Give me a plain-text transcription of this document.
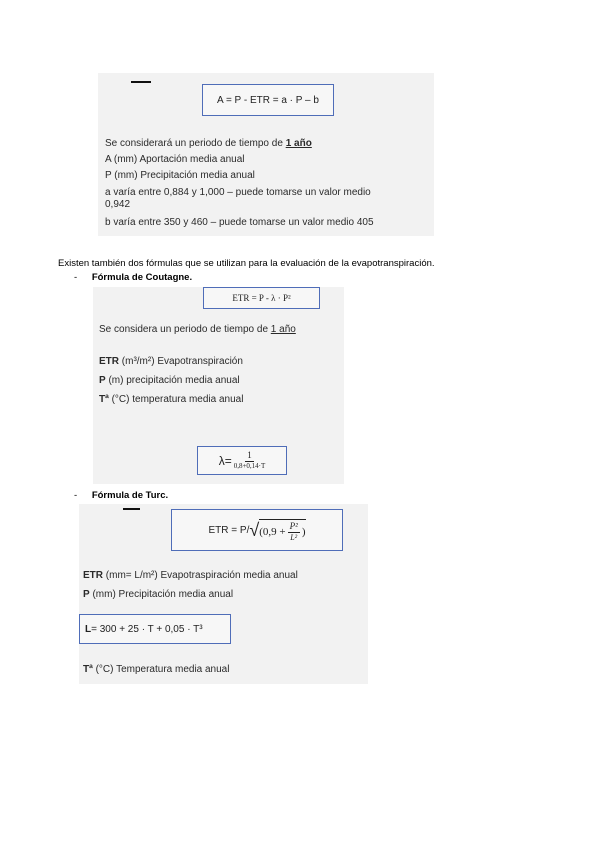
A = P - ETR = a · P – b
Se considerará un periodo de tiempo de 1 año
A (mm) Aportación media anual
P (mm) Precipitación media anual
a varía entre 0,884 y 1,000 – puede tomarse un valor medio
0,942
b varía entre 350 y 460 – puede tomarse un valor medio 405
Existen también dos fórmulas que se utilizan para la evaluación de la evapotranspiración.
- Fórmula de Coutagne.
ETR = P - λ · P²
Se considera un periodo de tiempo de 1 año
ETR (m³/m²) Evapotranspiración
P (m) precipitación media anual
Tª (°C) temperatura media anual
$\lambda= \frac{1}{0,8+0,14\cdot T}$
- Fórmula de Turc.
ETR = P/ √ ($0,9 + \frac{\text{P²}}{\text{L²}}$ )
ETR (mm= L/m²) Evapotraspiración media anual
P (mm) Precipitación media anual
L = 300 + 25 · T + 0,05 · T³
Tª (°C) Temperatura media anual
